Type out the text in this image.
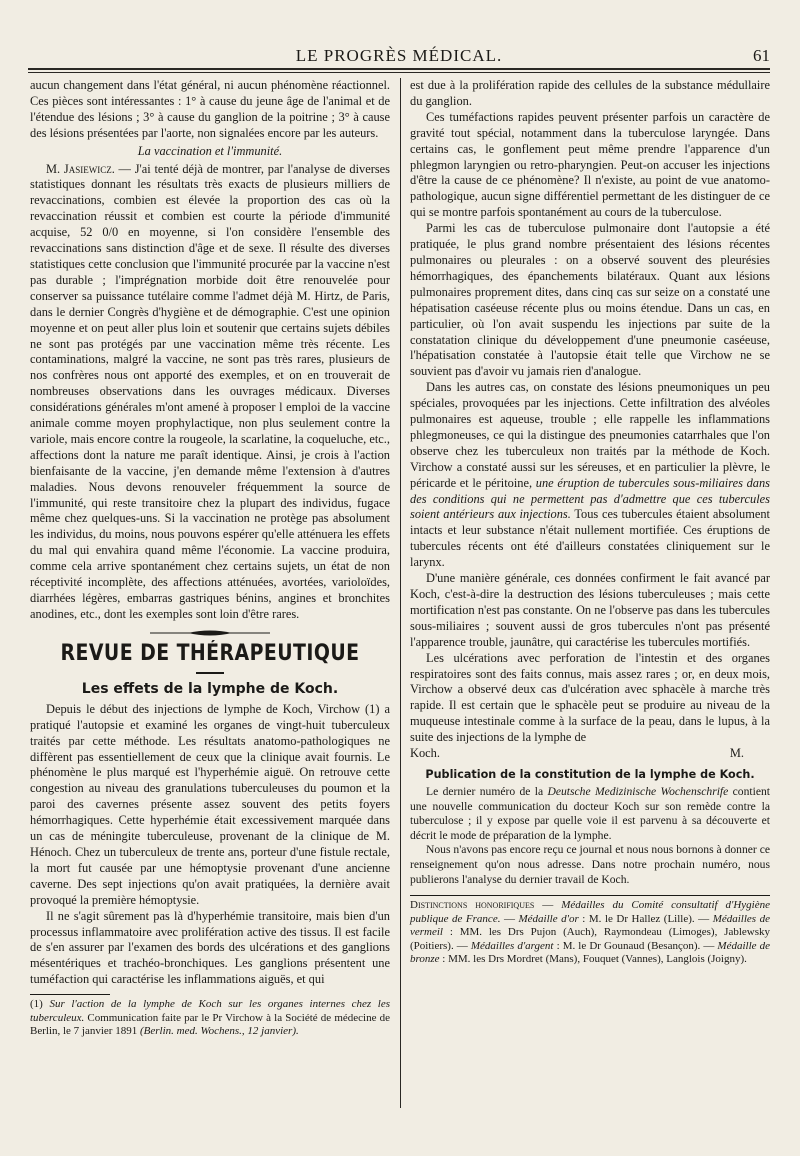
LE PROGRÈS MÉDICAL.	61

aucun changement dans l'état général, ni aucun phénomène réactionnel. Ces pièces sont intéressantes : 1° à cause du jeune âge de l'animal et de l'étendue des lésions ; 3° à cause du ganglion de la poitrine ; 3° à cause des lésions présentées par l'aorte, non signalées encore par les auteurs.

La vaccination et l'immunité.

M. Jasiewicz. — J'ai tenté déjà de montrer, par l'analyse de diverses statistiques donnant les résultats très exacts de plusieurs milliers de revaccinations, combien est élevée la proportion des cas où la revaccination réussit et combien est courte la période d'immunité acquise, 52 0/0 en moyenne, si l'on considère l'ensemble des revaccinations sans distinction d'âge et de sexe. Il résulte des diverses statistiques cette conclusion que l'immunité procurée par la vaccine n'est pas durable ; l'imprégnation morbide doit être renouvelée pour conserver sa puissance tutélaire comme l'admet déjà M. Hirtz, de Paris, dans le dernier Congrès d'hygiène et de démographie. C'est une opinion moyenne et on peut aller plus loin et soutenir que certains sujets débiles ne sont pas protégés par une vaccination même très récente. Les contaminations, malgré la vaccine, ne sont pas très rares, plusieurs de nos confrères nous ont apporté des exemples, et on en trouverait de nombreuses observations dans les ouvrages médicaux. Diverses considérations générales m'ont amené à proposer l emploi de la vaccine animale comme moyen prophylactique, non plus seulement contre la variole, mais encore contre la rougeole, la scarlatine, la coqueluche, etc., affections dont la nature me paraît identique. Ainsi, je crois à l'action bienfaisante de la vaccine, j'en demande même l'extension à d'autres maladies. Nous devons renouveler fréquemment la source de l'immunité, qui reste transitoire chez la plupart des individus, fugace même chez quelques-uns. Si la vaccination ne protège pas absolument les individus, du moins, nous pouvons espérer qu'elle atténuera les effets du mal qui envahira quand même l'économie. La vaccine produira, comme cela arrive spontanément chez certains sujets, un état de non réceptivité incomplète, des affections atténuées, avortées, varioloïdes, diarrhées légères, embarras gastriques bénins, angines et bronchites anodines, etc., dont les exemples sont loin d'être rares.

REVUE DE THÉRAPEUTIQUE
Les effets de la lymphe de Koch.

Depuis le début des injections de lymphe de Koch, Virchow (1) a pratiqué l'autopsie et examiné les organes de vingt-huit tuberculeux traités par cette méthode. Les résultats anatomo-pathologiques ne diffèrent pas essentiellement de ceux que la clinique avait fournis. Le phénomène le plus marqué est l'hyperhémie aiguë. On retrouve cette congestion au niveau des granulations tuberculeuses du poumon et la paroi des cavernes présente assez souvent des petits foyers hémorrhagiques. Cette hyperhémie était excessivement marquée dans un cas de méningite tuberculeuse, provenant de la clinique de M. Hénoch. Chez un tuberculeux de trente ans, porteur d'une fistule rectale, la mort fut causée par une hémoptysie provenant d'une ancienne caverne. Des sept injections qu'on avait pratiquées, la dernière avait provoqué la première hémoptysie.

Il ne s'agit sûrement pas là d'hyperhémie transitoire, mais bien d'un processus inflammatoire avec prolifération active des tissus. Il est facile de s'en assurer par l'examen des bords des ulcérations et des ganglions mésentériques et trachéo-bronchiques. Les ganglions présentent une tuméfaction qui caractérise les inflammations aiguës, et qui

(1) Sur l'action de la lymphe de Koch sur les organes internes chez les tuberculeux. Communication faite par le Pr Virchow à la Société de médecine de Berlin, le 7 janvier 1891 (Berlin. med. Wochens., 12 janvier).

est due à la prolifération rapide des cellules de la substance médullaire du ganglion.

Ces tuméfactions rapides peuvent présenter parfois un caractère de gravité tout spécial, notamment dans la tuberculose laryngée. Dans certains cas, le gonflement peut même prendre l'apparence d'un phlegmon laryngien ou retro-pharyngien. Peut-on accuser les injections d'être la cause de ce phénomène? Il n'existe, au point de vue anatomo-pathologique, aucun signe différentiel permettant de les distinguer de ce qui se montre parfois spontanément au cours de la tuberculose.

Parmi les cas de tuberculose pulmonaire dont l'autopsie a été pratiquée, le plus grand nombre présentaient des lésions récentes pulmonaires ou pleurales : on a observé souvent des pleurésies hémorrhagiques, des épanchements bilatéraux. Quant aux lésions pulmonaires proprement dites, dans cinq cas sur seize on a constaté une hépatisation caséeuse récente plus ou moins étendue. Dans un cas, en particulier, où l'on avait suspendu les injections par suite de la constatation clinique du développement d'une pneumonie caséeuse, l'hépatisation constatée à l'autopsie était telle que Virchow ne se souvient pas d'avoir vu jamais rien d'analogue.

Dans les autres cas, on constate des lésions pneumoniques un peu spéciales, provoquées par les injections. Cette infiltration des alvéoles pulmonaires est aqueuse, trouble ; elle rappelle les inflammations phlegmoneuses, ce qui la distingue des pneumonies catarrhales que l'on observe chez les tuberculeux non traités par la méthode de Koch. Virchow a constaté aussi sur les séreuses, et en particulier la plèvre, le péricarde et le péritoine, une éruption de tubercules sous-miliaires dans des conditions qui ne permettent pas d'admettre que ces tubercules soient antérieurs aux injections. Tous ces tubercules étaient absolument intacts et leur substance n'était nullement mortifiée. Ces éruptions de tubercules récents ont été d'ailleurs constatées cliniquement sur le larynx.

D'une manière générale, ces données confirment le fait avancé par Koch, c'est-à-dire la destruction des lésions tuberculeuses ; mais cette mortification n'est pas constante. On ne l'observe pas dans les tubercules sous-miliaires ; souvent aussi de gros tubercules n'ont pas présenté l'apparence trouble, jaunâtre, qui caractérise les tubercules mortifiés.

Les ulcérations avec perforation de l'intestin et des organes respiratoires sont des faits connus, mais assez rares ; or, en deux mois, Virchow a observé deux cas d'ulcération avec sphacèle à marche très rapide. Il est certain que le sphacèle peut se produire au niveau de la muqueuse intestinale comme à la surface de la peau, dans le lupus, à la suite des injections de la lymphe de

Koch.	M.
Publication de la constitution de la lymphe de Koch.

Le dernier numéro de la Deutsche Medizinische Wochenschrife contient une nouvelle communication du docteur Koch sur son remède contre la tuberculose ; il y expose par quelle voie il est parvenu à sa découverte et décrit le mode de préparation de la lymphe.

Nous n'avons pas encore reçu ce journal et nous nous bornons à donner ce renseignement qu'on nous adresse. Dans notre prochain numéro, nous publierons l'analyse du dernier travail de Koch.

Distinctions honorifiques — Médailles du Comité consultatif d'Hygiène publique de France. — Médaille d'or : M. le Dr Hallez (Lille). — Médailles de vermeil : MM. les Drs Pujon (Auch), Raymondeau (Limoges), Jablewsky (Poitiers). — Médailles d'argent : M. le Dr Gounaud (Besançon). — Médaille de bronze : MM. les Drs Mordret (Mans), Fouquet (Vannes), Langlois (Joigny).
